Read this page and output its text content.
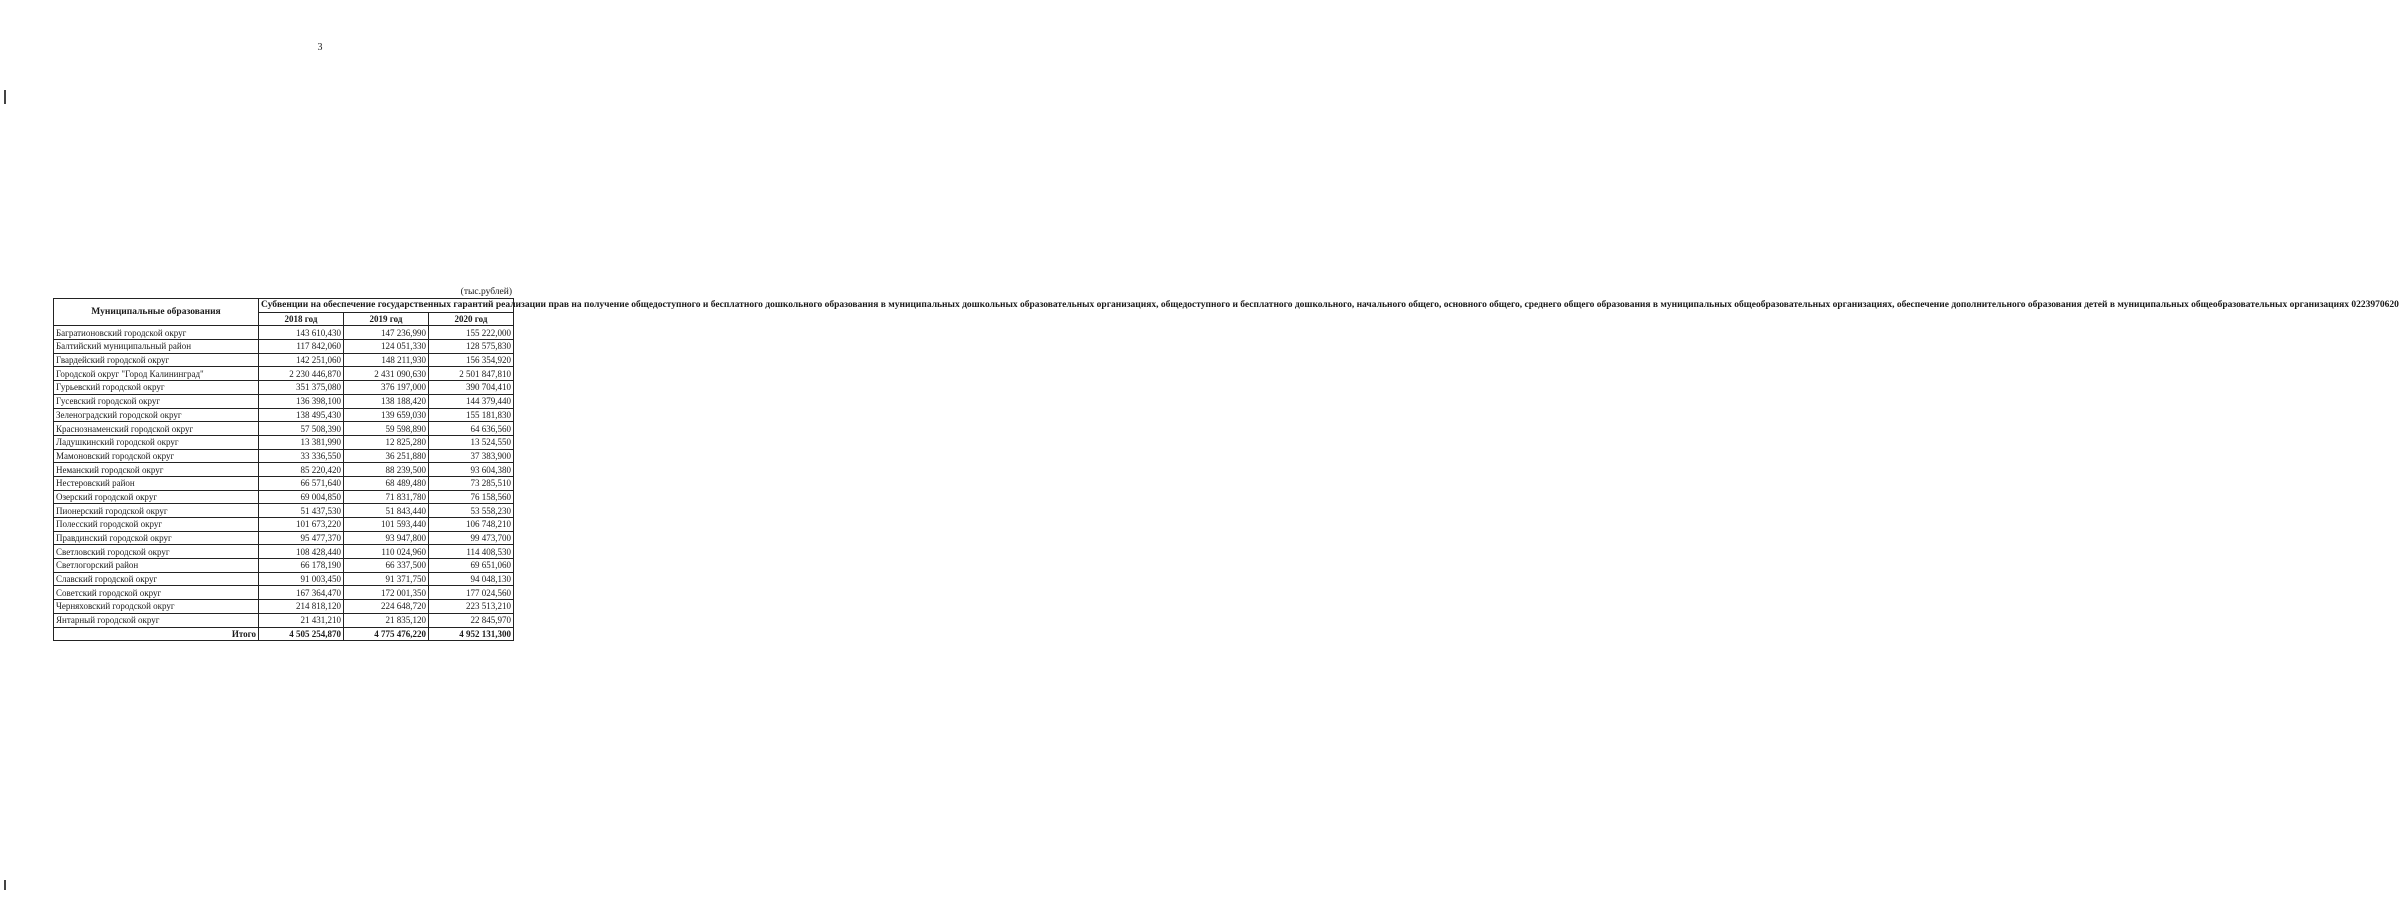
3
(тыс.рублей)
Муниципальные образования	Субвенции на обеспечение государственных гарантий реализации прав на получение общедоступного и бесплатного дошкольного образования в муниципальных дошкольных образовательных организациях, общедоступного и бесплатного дошкольного, начального общего, основного общего, среднего общего образования в муниципальных общеобразовательных организациях, обеспечение дополнительного образования детей в муниципальных общеобразовательных организациях 0223970620		
	2018 год	2019 год	2020 год
Багратионовский городской округ	143 610,430	147 236,990	155 222,000
Балтийский муниципальный район	117 842,060	124 051,330	128 575,830
Гвардейский городской округ	142 251,060	148 211,930	156 354,920
Городской округ "Город Калининград"	2 230 446,870	2 431 090,630	2 501 847,810
Гурьевский городской округ	351 375,080	376 197,000	390 704,410
Гусевский городской округ	136 398,100	138 188,420	144 379,440
Зеленоградский городской округ	138 495,430	139 659,030	155 181,830
Краснознаменский городской округ	57 508,390	59 598,890	64 636,560
Ладушкинский городской округ	13 381,990	12 825,280	13 524,550
Мамоновский городской округ	33 336,550	36 251,880	37 383,900
Неманский городской округ	85 220,420	88 239,500	93 604,380
Нестеровский район	66 571,640	68 489,480	73 285,510
Озерский городской округ	69 004,850	71 831,780	76 158,560
Пионерский городской округ	51 437,530	51 843,440	53 558,230
Полесский городской округ	101 673,220	101 593,440	106 748,210
Правдинский городской округ	95 477,370	93 947,800	99 473,700
Светловский городской округ	108 428,440	110 024,960	114 408,530
Светлогорский район	66 178,190	66 337,500	69 651,060
Славский городской округ	91 003,450	91 371,750	94 048,130
Советский городской округ	167 364,470	172 001,350	177 024,560
Черняховский городской округ	214 818,120	224 648,720	223 513,210
Янтарный городской округ	21 431,210	21 835,120	22 845,970
Итого	4 505 254,870	4 775 476,220	4 952 131,300
